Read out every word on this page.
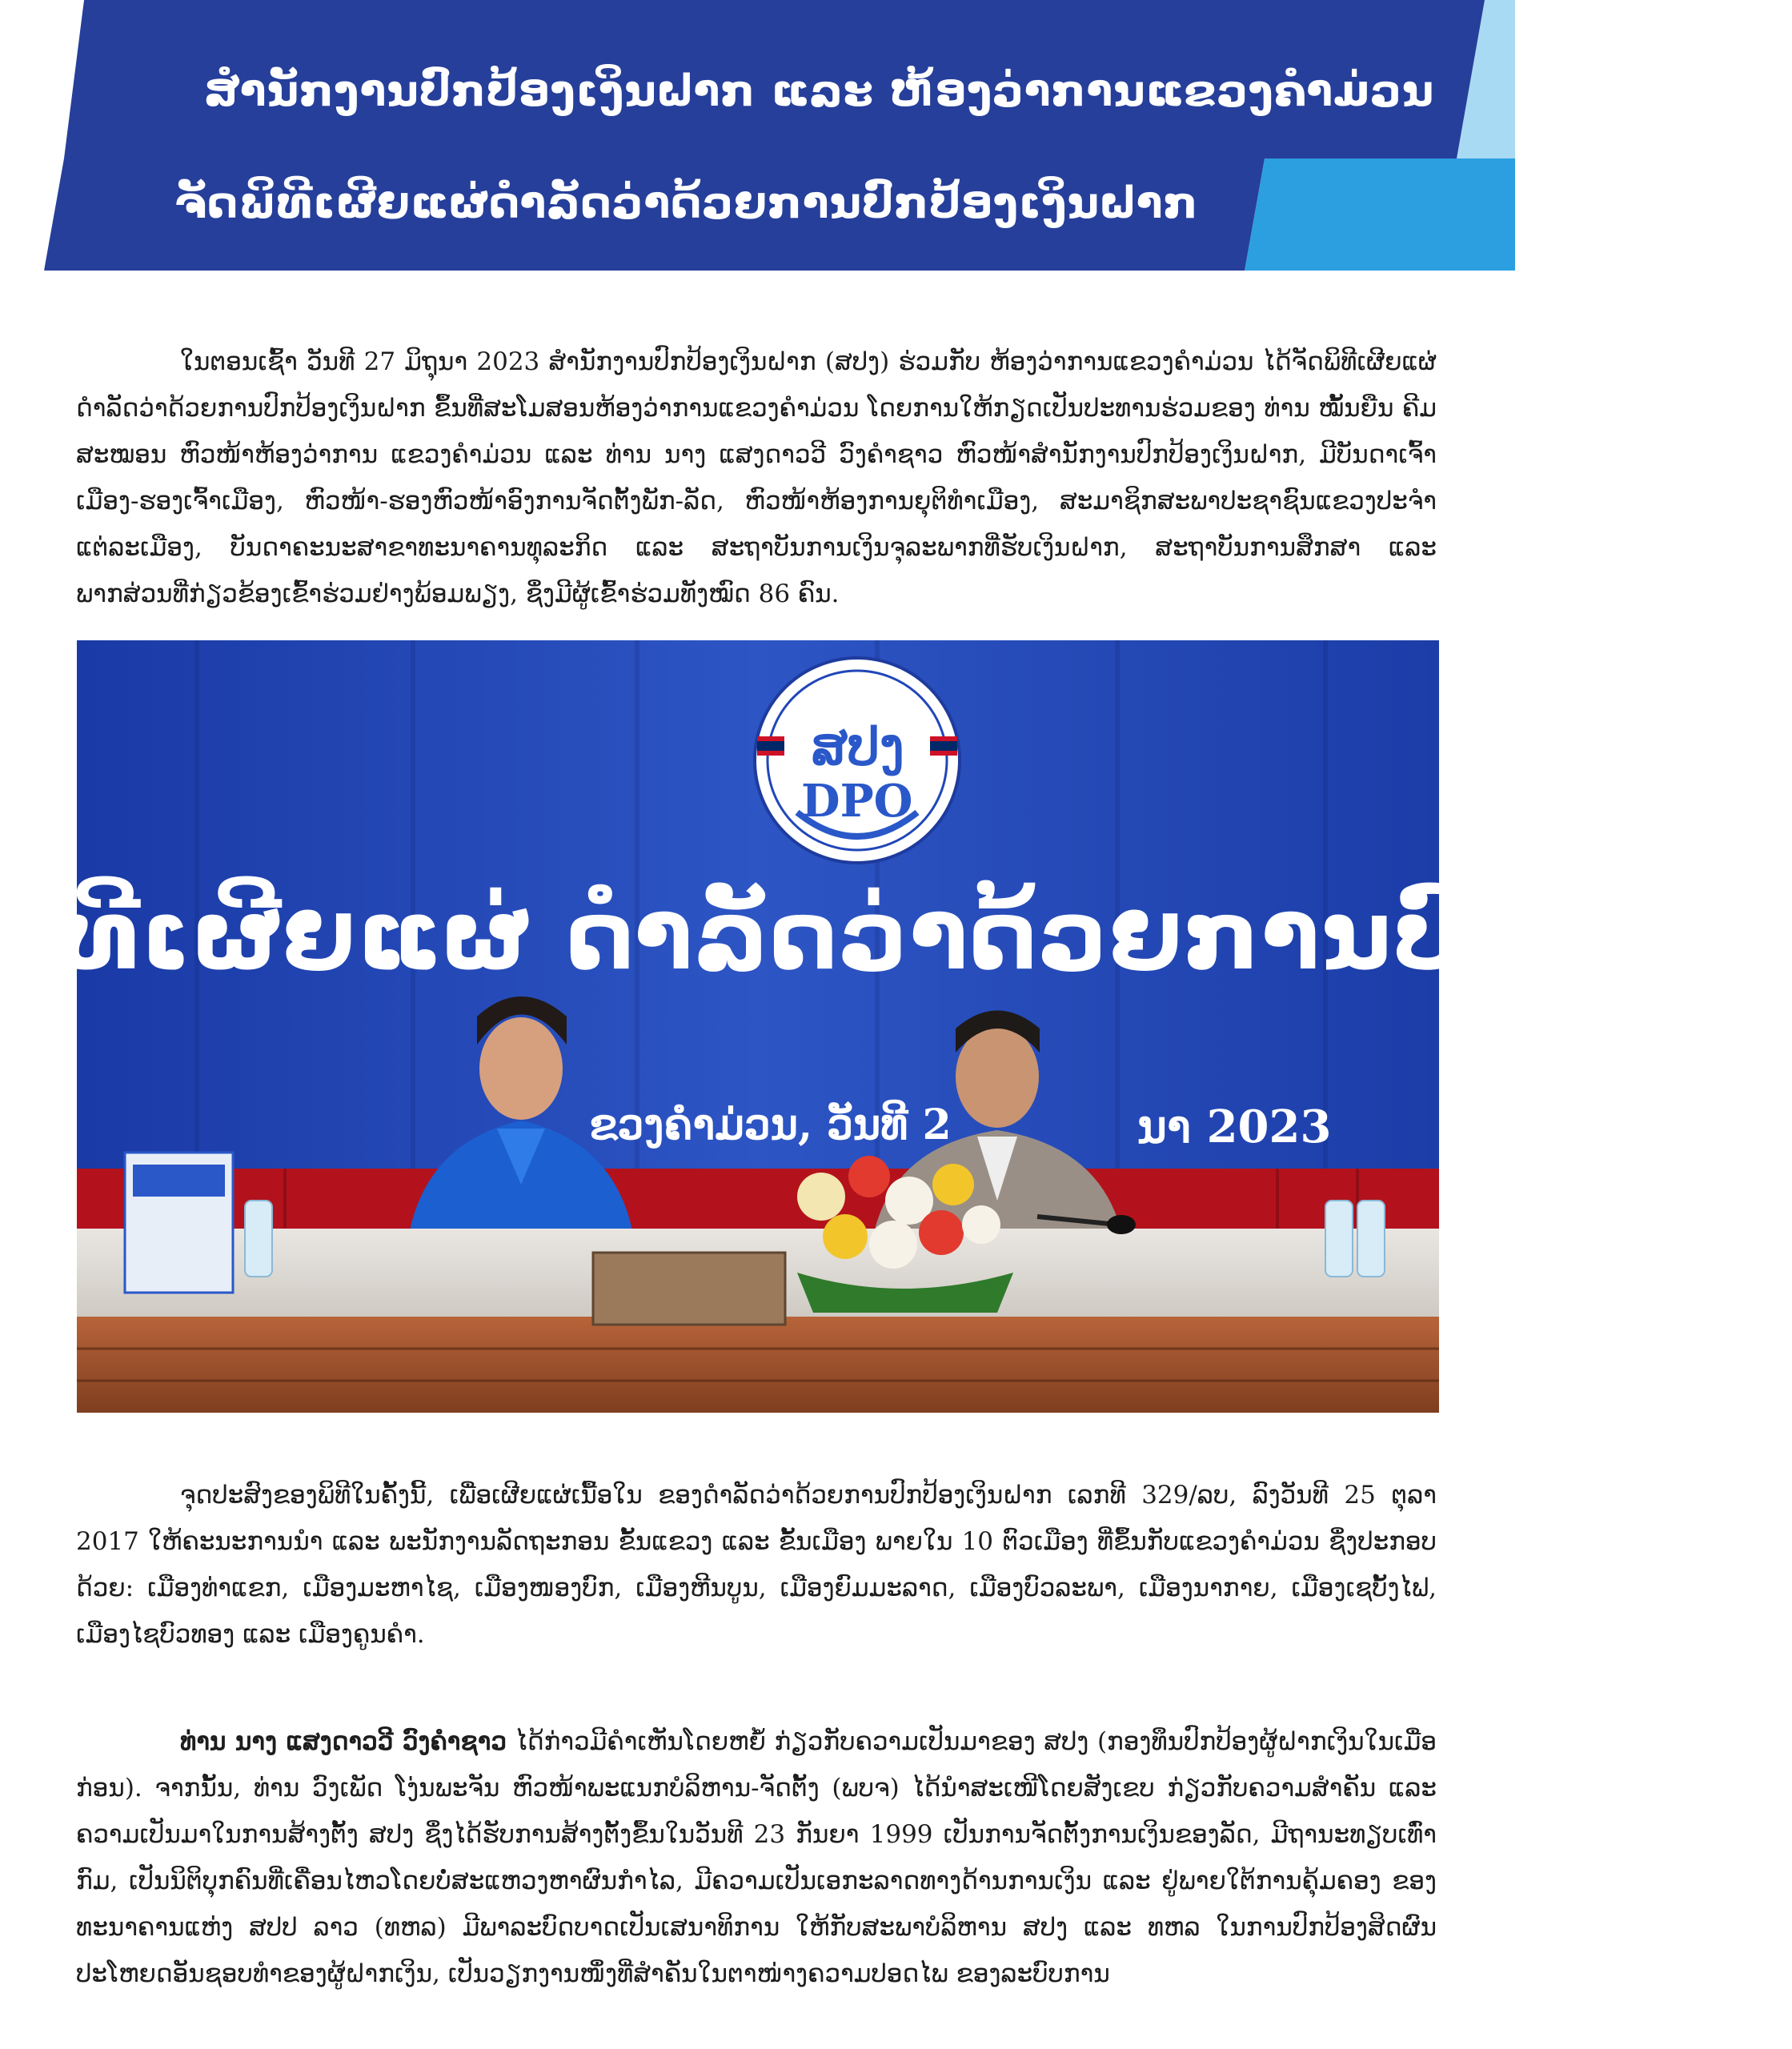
ສຳນັກງານປົກປ້ອງເງິນຝາກ ແລະ ຫ້ອງວ່າການແຂວງຄຳມ່ວນ
ຈັດພິທີເຜີຍແຜ່ດຳລັດວ່າດ້ວຍການປົກປ້ອງເງິນຝາກ

ໃນຕອນເຊົ້າ ວັນທີ 27 ມິຖຸນາ 2023 ສຳນັກງານປົກປ້ອງເງິນຝາກ (ສປງ) ຮ່ວມກັບ ຫ້ອງວ່າການແຂວງຄຳມ່ວນ ໄດ້ຈັດພິທີເຜີຍແຜ່ດຳລັດວ່າດ້ວຍການປົກປ້ອງເງິນຝາກ ຂຶ້ນທີ່ສະໂມສອນຫ້ອງວ່າການແຂວງຄຳມ່ວນ ໂດຍການໃຫ້ກຽດເປັນປະທານຮ່ວມຂອງ ທ່ານ ໝັ້ນຍືນ ຄີມສະໝອນ ຫົວໜ້າຫ້ອງວ່າການ ແຂວງຄຳມ່ວນ ແລະ ທ່ານ ນາງ ແສງດາວວີ ວົງຄຳຊາວ ຫົວໜ້າສຳນັກງານປົກປ້ອງເງິນຝາກ, ມີບັນດາເຈົ້າເມືອງ-ຮອງເຈົ້າເມືອງ, ຫົວໜ້າ-ຮອງຫົວໜ້າອົງການຈັດຕັ້ງພັກ-ລັດ, ຫົວໜ້າຫ້ອງການຍຸຕິທຳເມືອງ, ສະມາຊິກສະພາປະຊາຊົນແຂວງປະຈຳແຕ່ລະເມືອງ, ບັນດາຄະນະສາຂາທະນາຄານທຸລະກິດ ແລະ ສະຖາບັນການເງິນຈຸລະພາກທີ່ຮັບເງິນຝາກ, ສະຖາບັນການສຶກສາ ແລະ ພາກສ່ວນທີ່ກ່ຽວຂ້ອງເຂົ້າຮ່ວມຢ່າງພ້ອມພຽງ, ຊຶ່ງມີຜູ້ເຂົ້າຮ່ວມທັງໝົດ 86 ຄົນ.

ສປງ
DPO
ທີເຜີຍແຜ່ ດຳລັດວ່າດ້ວຍການປົກປ້ອງເ
ຂວງຄຳມ່ວນ, ວັນທີ 2	ນາ 2023

ຈຸດປະສົງຂອງພິທີໃນຄັ້ງນີ້, ເພື່ອເຜີຍແຜ່ເນື້ອໃນ ຂອງດຳລັດວ່າດ້ວຍການປົກປ້ອງເງິນຝາກ ເລກທີ 329/ລບ, ລົງວັນທີ 25 ຕຸລາ 2017 ໃຫ້ຄະນະການນຳ ແລະ ພະນັກງານລັດຖະກອນ ຂັ້ນແຂວງ ແລະ ຂັ້ນເມືອງ ພາຍໃນ 10 ຕົວເມືອງ ທີ່ຂຶ້ນກັບແຂວງຄຳມ່ວນ ຊຶ່ງປະກອບດ້ວຍ: ເມືອງທ່າແຂກ, ເມືອງມະຫາໄຊ, ເມືອງໜອງບົກ, ເມືອງຫີນບູນ, ເມືອງຍົມມະລາດ, ເມືອງບົວລະພາ, ເມືອງນາກາຍ, ເມືອງເຊບັ້ງໄຟ, ເມືອງໄຊບົວທອງ ແລະ ເມືອງຄູນຄຳ.

ທ່ານ ນາງ ແສງດາວວີ ວົງຄຳຊາວ ໄດ້ກ່າວມີຄຳເຫັນໂດຍຫຍໍ້ ກ່ຽວກັບຄວາມເປັນມາຂອງ ສປງ (ກອງທຶນປົກປ້ອງຜູ້ຝາກເງິນໃນເມື່ອກ່ອນ). ຈາກນັ້ນ, ທ່ານ ວົງເພັດ ໂງ່ນພະຈັນ ຫົວໜ້າພະແນກບໍລິຫານ-ຈັດຕັ້ງ (ພບຈ) ໄດ້ນຳສະເໜີໂດຍສັງເຂບ ກ່ຽວກັບຄວາມສຳຄັນ ແລະ ຄວາມເປັນມາໃນການສ້າງຕັ້ງ ສປງ ຊຶ່ງໄດ້ຮັບການສ້າງຕັ້ງຂຶ້ນໃນວັນທີ 23 ກັນຍາ 1999 ເປັນການຈັດຕັ້ງການເງິນຂອງລັດ, ມີຖານະທຽບເທົ່າກົມ, ເປັນນິຕິບຸກຄົນທີ່ເຄື່ອນໄຫວໂດຍບໍ່ສະແຫວງຫາຜົນກຳໄລ, ມີຄວາມເປັນເອກະລາດທາງດ້ານການເງິນ ແລະ ຢູ່ພາຍໃຕ້ການຄຸ້ມຄອງ ຂອງທະນາຄານແຫ່ງ ສປປ ລາວ (ທຫລ) ມີພາລະບົດບາດເປັນເສນາທິການ ໃຫ້ກັບສະພາບໍລິຫານ ສປງ ແລະ ທຫລ ໃນການປົກປ້ອງສິດຜົນປະໂຫຍດອັນຊອບທຳຂອງຜູ້ຝາກເງິນ, ເປັນວຽກງານໜຶ່ງທີ່ສຳຄັນໃນຕາໜ່າງຄວາມປອດໄພ ຂອງລະບົບການ
